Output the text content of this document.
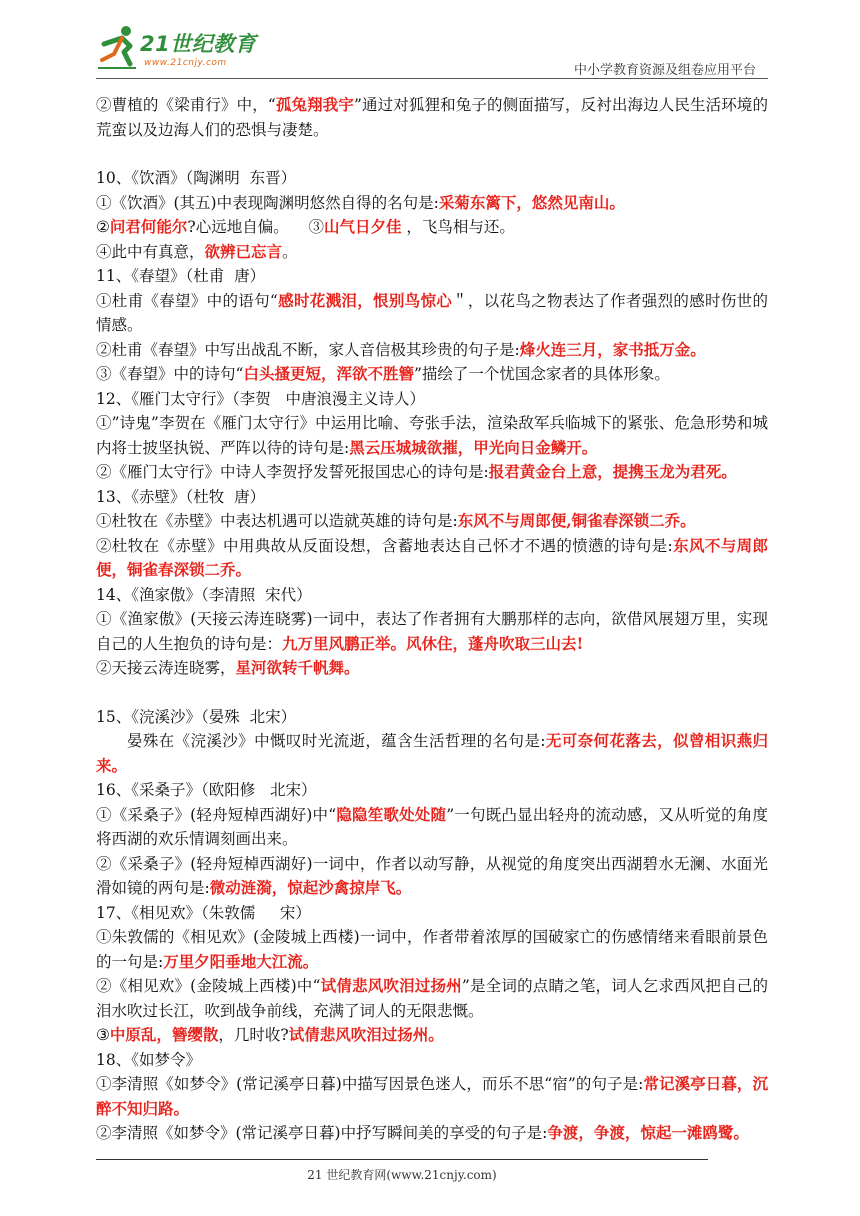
21世纪教育
www.21cnjy.com	中小学教育资源及组卷应用平台
②曹植的《梁甫行》中，“孤兔翔我宇”通过对狐狸和兔子的侧面描写，反衬出海边人民生活环境的荒蛮以及边海人们的恐惧与凄楚。
10、《饮酒》（陶渊明  东晋）
①《饮酒》(其五)中表现陶渊明悠然自得的名句是:采菊东篱下，悠然见南山。
②问君何能尔?心远地自偏。    ③山气日夕佳 ，飞鸟相与还。
④此中有真意，欲辨已忘言。
11、《春望》（杜甫  唐）
①杜甫《春望》中的语句“感时花溅泪，恨别鸟惊心＂，以花鸟之物表达了作者强烈的感时伤世的情感。
②杜甫《春望》中写出战乱不断，家人音信极其珍贵的句子是:烽火连三月，家书抵万金。
③《春望》中的诗句“白头搔更短，浑欲不胜簪”描绘了一个忧国念家者的具体形象。
12、《雁门太守行》（李贺   中唐浪漫主义诗人）
①”诗鬼”李贺在《雁门太守行》中运用比喻、夸张手法，渲染敌军兵临城下的紧张、危急形势和城内将士披坚执锐、严阵以待的诗句是:黑云压城城欲摧，甲光向日金鳞开。
②《雁门太守行》中诗人李贺抒发誓死报国忠心的诗句是:报君黄金台上意，提携玉龙为君死。
13、《赤壁》（杜牧  唐）
①杜牧在《赤壁》中表达机遇可以造就英雄的诗句是:东风不与周郎便,铜雀春深锁二乔。
②杜牧在《赤壁》中用典故从反面设想，含蓄地表达自己怀才不遇的愤懑的诗句是:东风不与周郎便，铜雀春深锁二乔。
14、《渔家傲》（李清照  宋代）
①《渔家傲》(天接云涛连晓雾)一词中，表达了作者拥有大鹏那样的志向，欲借风展翅万里，实现自己的人生抱负的诗句是：九万里风鹏正举。风休住，蓬舟吹取三山去!
②天接云涛连晓雾，星河欲转千帆舞。
15、《浣溪沙》（晏殊  北宋）
晏殊在《浣溪沙》中慨叹时光流逝，蕴含生活哲理的名句是:无可奈何花落去，似曾相识燕归来。
16、《采桑子》（欧阳修   北宋）
①《采桑子》(轻舟短棹西湖好)中“隐隐笙歌处处随”一句既凸显出轻舟的流动感，又从听觉的角度将西湖的欢乐情调刻画出来。
②《采桑子》(轻舟短棹西湖好)一词中，作者以动写静，从视觉的角度突出西湖碧水无澜、水面光滑如镜的两句是:微动涟漪，惊起沙禽掠岸飞。
17、《相见欢》（朱敦儒     宋）
①朱敦儒的《相见欢》(金陵城上西楼)一词中，作者带着浓厚的国破家亡的伤感情绪来看眼前景色的一句是:万里夕阳垂地大江流。
②《相见欢》(金陵城上西楼)中“试倩悲风吹泪过扬州”是全词的点睛之笔，词人乞求西风把自己的泪水吹过长江，吹到战争前线，充满了词人的无限悲慨。
③中原乱，簪缨散，几时收?试倩悲风吹泪过扬州。
18、《如梦令》
①李清照《如梦令》(常记溪亭日暮)中描写因景色迷人，而乐不思“宿”的句子是:常记溪亭日暮，沉醉不知归路。
②李清照《如梦令》(常记溪亭日暮)中抒写瞬间美的享受的句子是:争渡，争渡，惊起一滩鸥鹭。
21 世纪教育网(www.21cnjy.com)
